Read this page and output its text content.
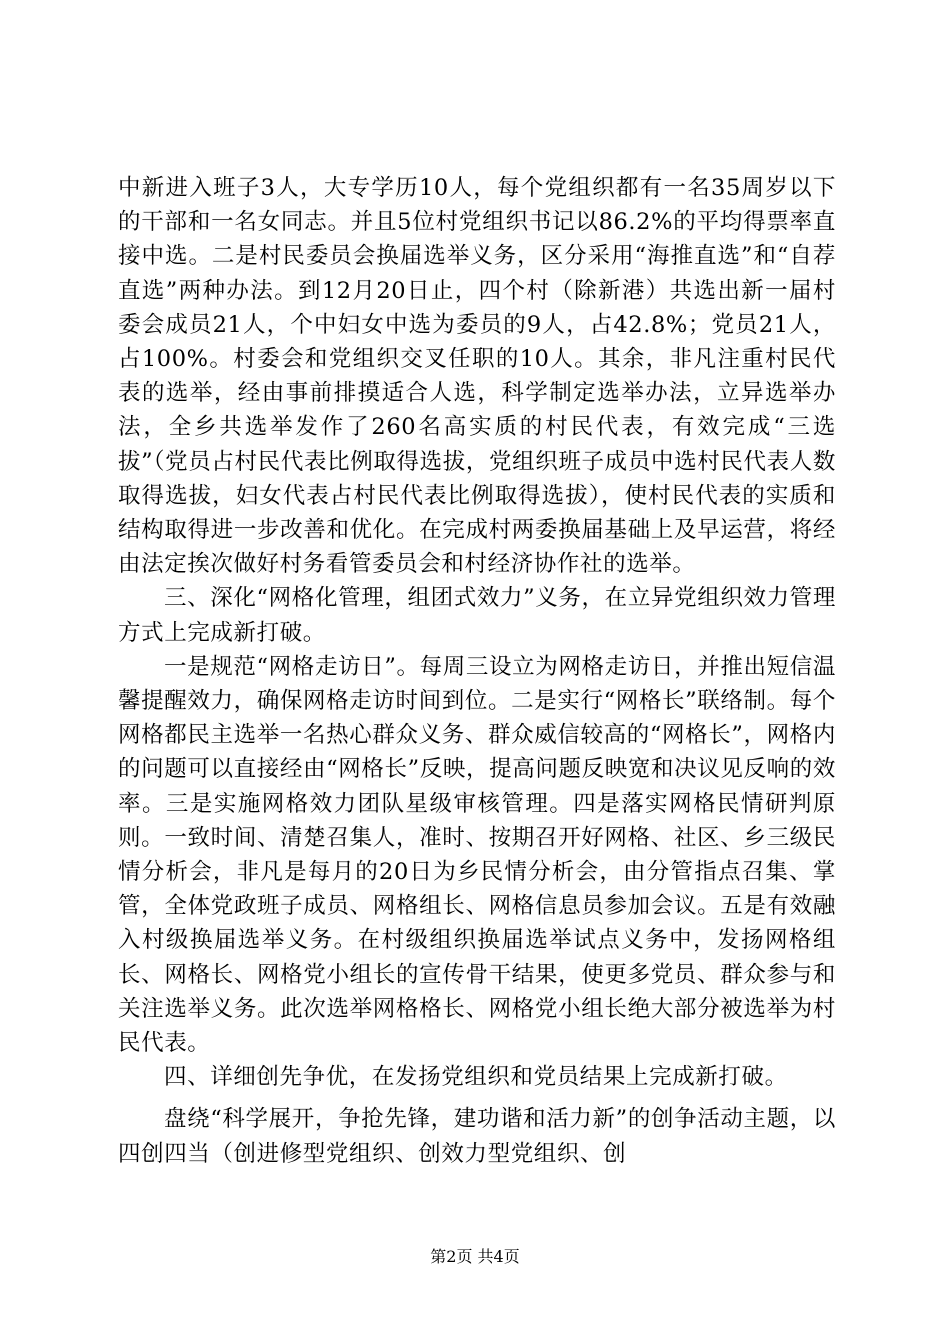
中新进入班子3人，大专学历10人，每个党组织都有一名35周岁以下的干部和一名女同志。并且5位村党组织书记以86.2%的平均得票率直接中选。二是村民委员会换届选举义务，区分采用“海推直选”和“自荐直选”两种办法。到12月20日止，四个村（除新港）共选出新一届村委会成员21人，个中妇女中选为委员的9人，占42.8%；党员21人，占100%。村委会和党组织交叉任职的10人。其余，非凡注重村民代表的选举，经由事前排摸适合人选，科学制定选举办法，立异选举办法，全乡共选举发作了260名高实质的村民代表，有效完成“三选拔”（党员占村民代表比例取得选拔，党组织班子成员中选村民代表人数取得选拔，妇女代表占村民代表比例取得选拔），使村民代表的实质和结构取得进一步改善和优化。在完成村两委换届基础上及早运营，将经由法定挨次做好村务看管委员会和村经济协作社的选举。

三、深化“网格化管理，组团式效力”义务，在立异党组织效力管理方式上完成新打破。

一是规范“网格走访日”。每周三设立为网格走访日，并推出短信温馨提醒效力，确保网格走访时间到位。二是实行“网格长”联络制。每个网格都民主选举一名热心群众义务、群众威信较高的“网格长”，网格内的问题可以直接经由“网格长”反映，提高问题反映宽和决议见反响的效率。三是实施网格效力团队星级审核管理。四是落实网格民情研判原则。一致时间、清楚召集人，准时、按期召开好网格、社区、乡三级民情分析会，非凡是每月的20日为乡民情分析会，由分管指点召集、掌管，全体党政班子成员、网格组长、网格信息员参加会议。五是有效融入村级换届选举义务。在村级组织换届选举试点义务中，发扬网格组长、网格长、网格党小组长的宣传骨干结果，使更多党员、群众参与和关注选举义务。此次选举网格格长、网格党小组长绝大部分被选举为村民代表。

四、详细创先争优，在发扬党组织和党员结果上完成新打破。

盘绕“科学展开，争抢先锋，建功谐和活力新”的创争活动主题，以四创四当（创进修型党组织、创效力型党组织、创

第2页 共4页
